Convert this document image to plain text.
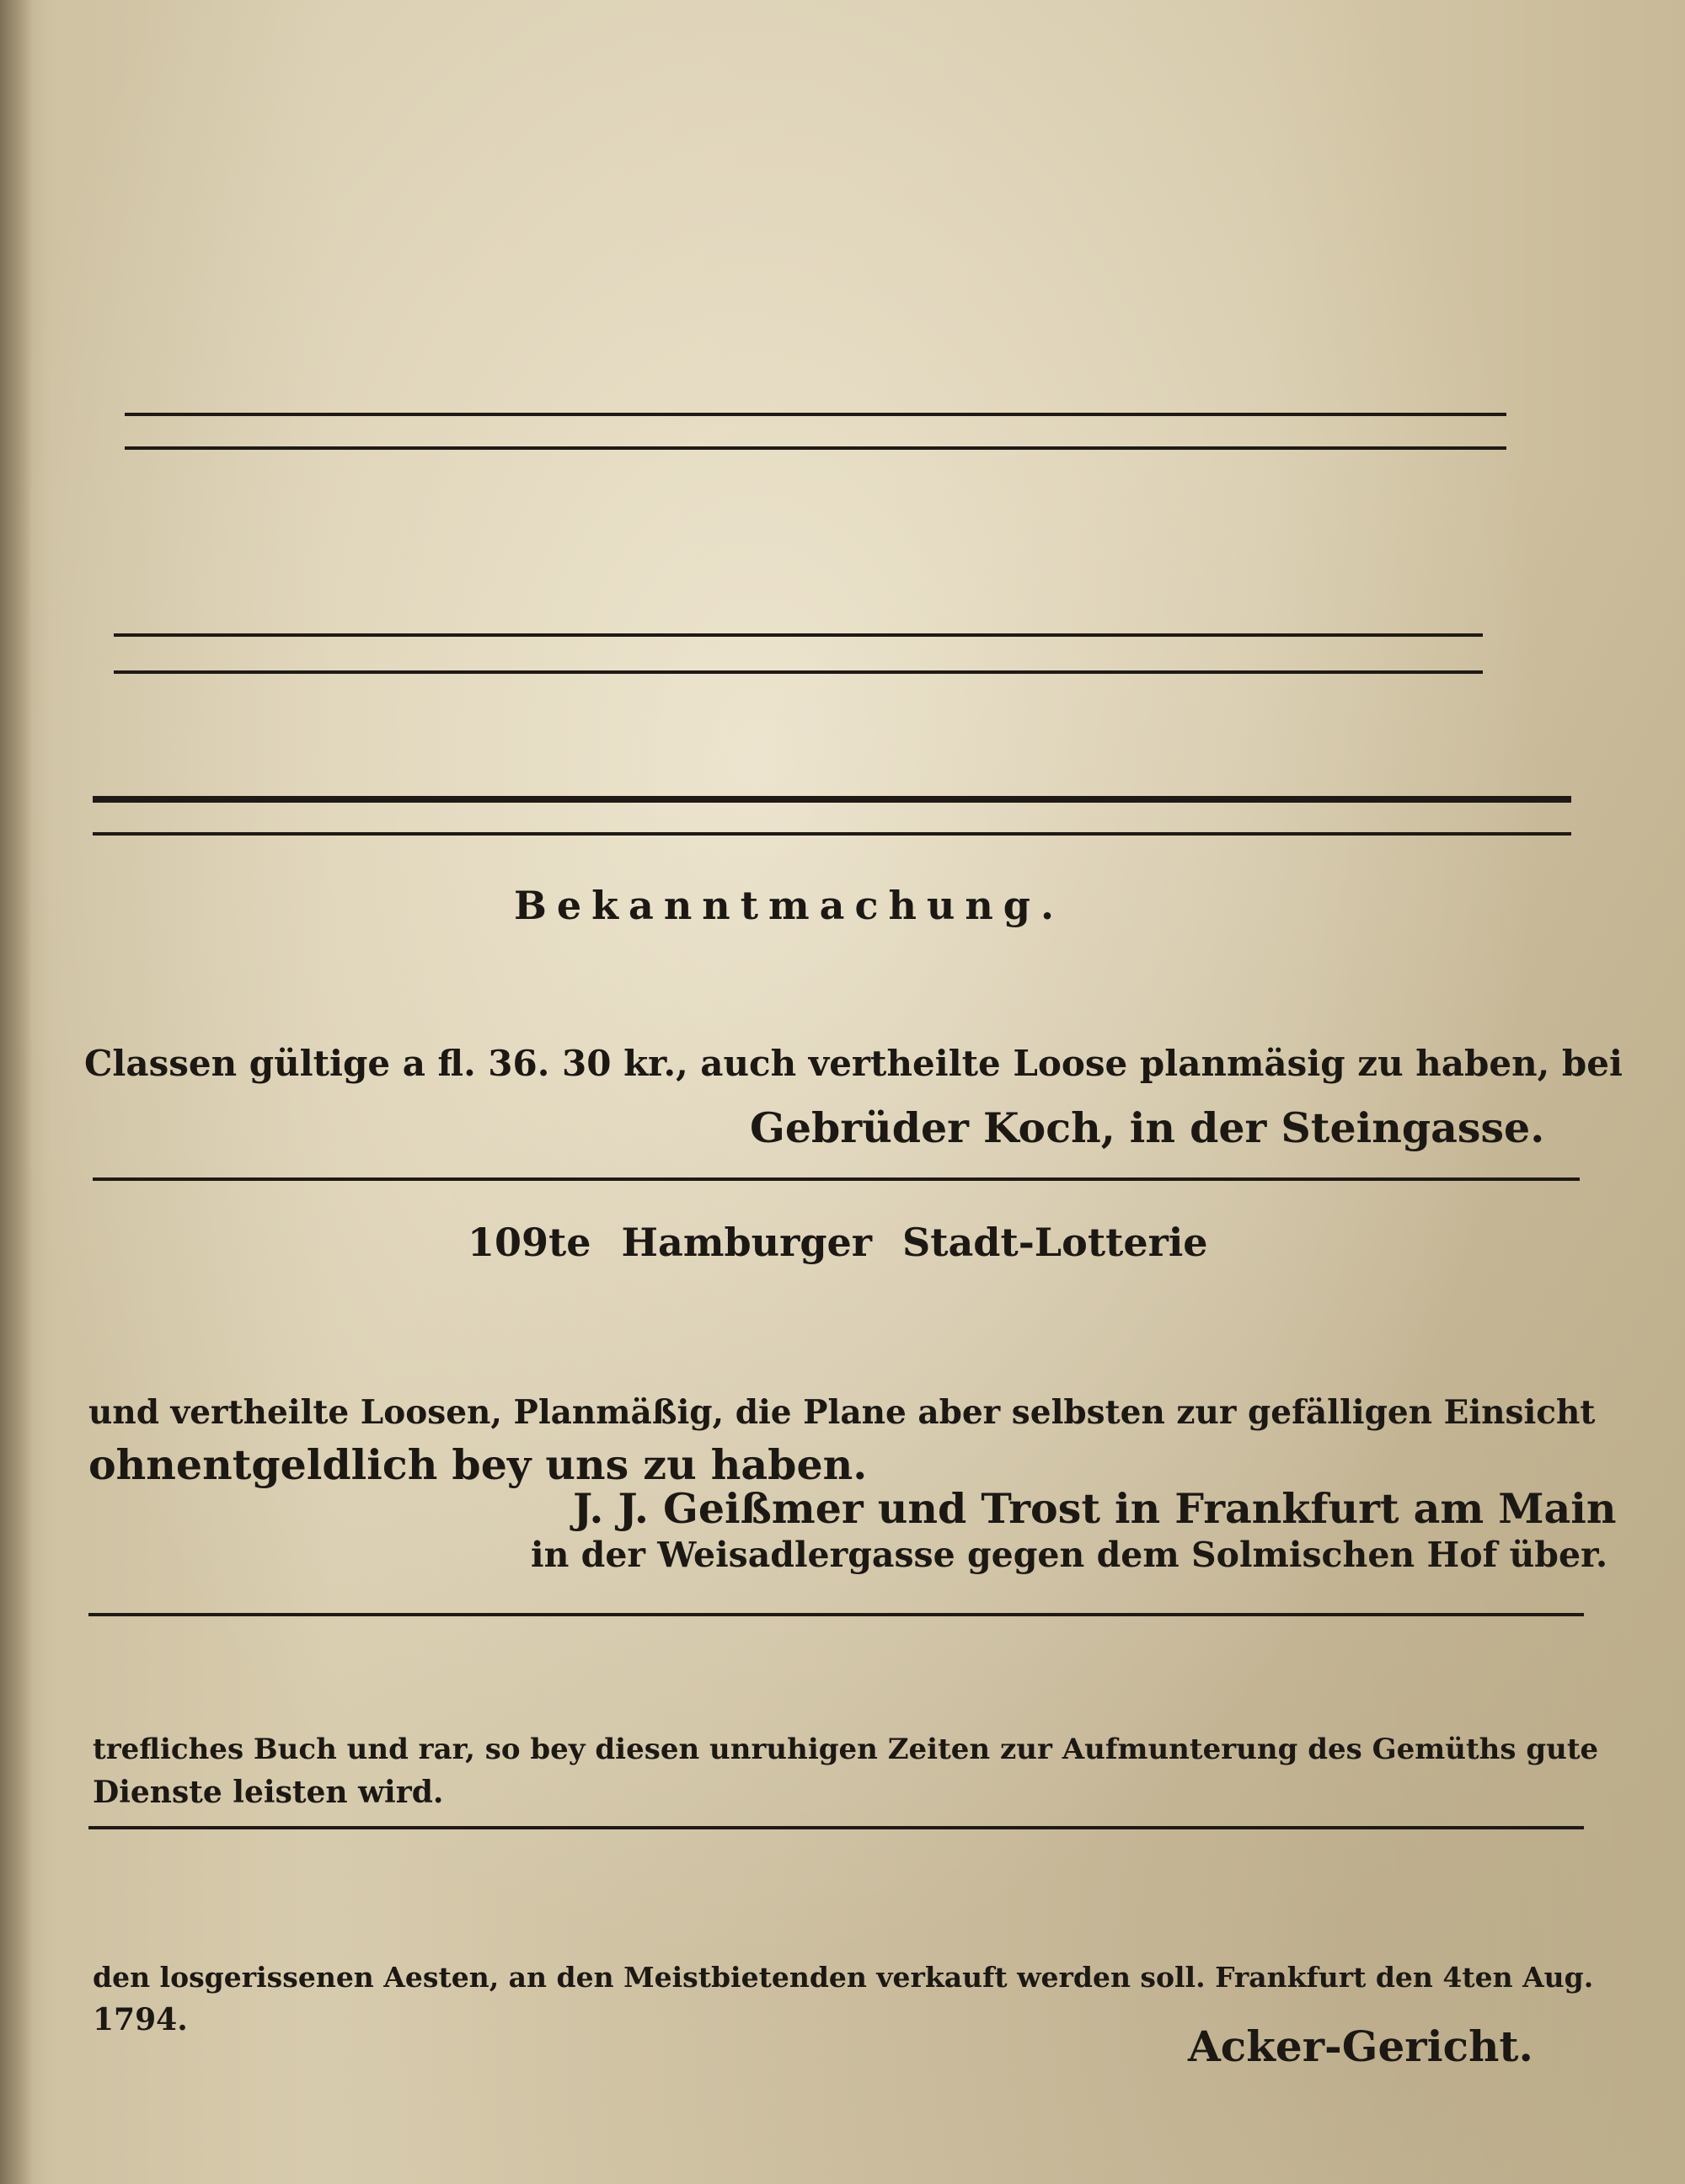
Bekanntmachung.

Classen gültige a fl. 36. 30 kr., auch vertheilte Loose planmäsig zu haben, bei

Gebrüder Koch, in der Steingasse.
109te Hamburger Stadt-Lotterie

und vertheilte Loosen, Planmäßig, die Plane aber selbsten zur gefälligen Einsicht

ohnentgeldlich bey uns zu haben.

J. J. Geißmer und Trost in Frankfurt am Main
in der Weisadlergasse gegen dem Solmischen Hof über.

trefliches Buch und rar, so bey diesen unruhigen Zeiten zur Aufmunterung des Gemüths gute

Dienste leisten wird.

den losgerissenen Aesten, an den Meistbietenden verkauft werden soll. Frankfurt den 4ten Aug.

1794.

Acker-Gericht.
